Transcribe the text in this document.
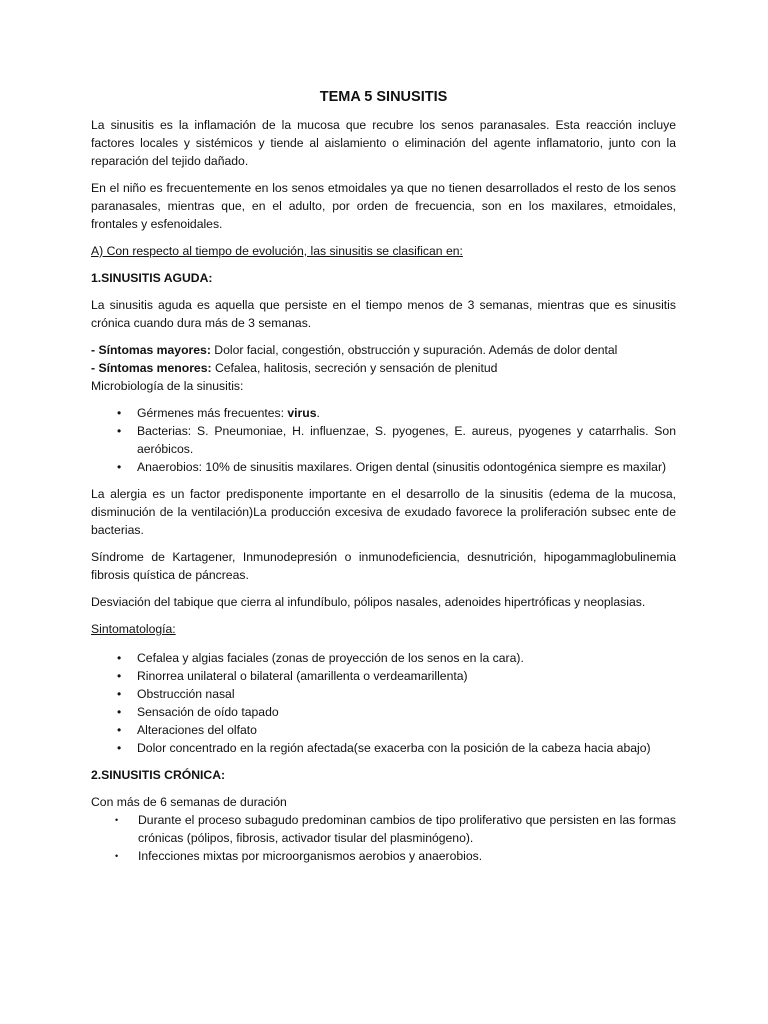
TEMA 5 SINUSITIS

La sinusitis es la inflamación de la mucosa que recubre los senos paranasales. Esta reacción incluye factores locales y sistémicos y tiende al aislamiento o eliminación del agente inflamatorio, junto con la reparación del tejido dañado.

En el niño es frecuentemente en los senos etmoidales ya que no tienen desarrollados el resto de los senos paranasales, mientras que, en el adulto, por orden de frecuencia, son en los maxilares, etmoidales, frontales y esfenoidales.

A) Con respecto al tiempo de evolución, las sinusitis se clasifican en:

1.SINUSITIS AGUDA:

La sinusitis aguda es aquella que persiste en el tiempo menos de 3 semanas, mientras que es sinusitis crónica cuando dura más de 3 semanas.

- Síntomas mayores: Dolor facial, congestión, obstrucción y supuración. Además de dolor dental
- Síntomas menores: Cefalea, halitosis, secreción y sensación de plenitud
Microbiología de la sinusitis:
• Gérmenes más frecuentes: virus.
• Bacterias: S. Pneumoniae, H. influenzae, S. pyogenes, E. aureus, pyogenes y catarrhalis. Son aeróbicos.
• Anaerobios: 10% de sinusitis maxilares. Origen dental (sinusitis odontogénica siempre es maxilar)

La alergia es un factor predisponente importante en el desarrollo de la sinusitis (edema de la mucosa, disminución de la ventilación)La producción excesiva de exudado favorece la proliferación subsec ente de bacterias.

Síndrome de Kartagener, Inmunodepresión o inmunodeficiencia, desnutrición, hipogammaglobulinemia fibrosis quística de páncreas.

Desviación del tabique que cierra al infundíbulo, pólipos nasales, adenoides hipertróficas y neoplasias.

Sintomatología:

• Cefalea y algias faciales (zonas de proyección de los senos en la cara).
• Rinorrea unilateral o bilateral (amarillenta o verdeamarillenta)
• Obstrucción nasal
• Sensación de oído tapado
• Alteraciones del olfato
• Dolor concentrado en la región afectada(se exacerba con la posición de la cabeza hacia abajo)

2.SINUSITIS CRÓNICA:

Con más de 6 semanas de duración
• Durante el proceso subagudo predominan cambios de tipo proliferativo que persisten en las formas crónicas (pólipos, fibrosis, activador tisular del plasminógeno).
• Infecciones mixtas por microorganismos aerobios y anaerobios.
